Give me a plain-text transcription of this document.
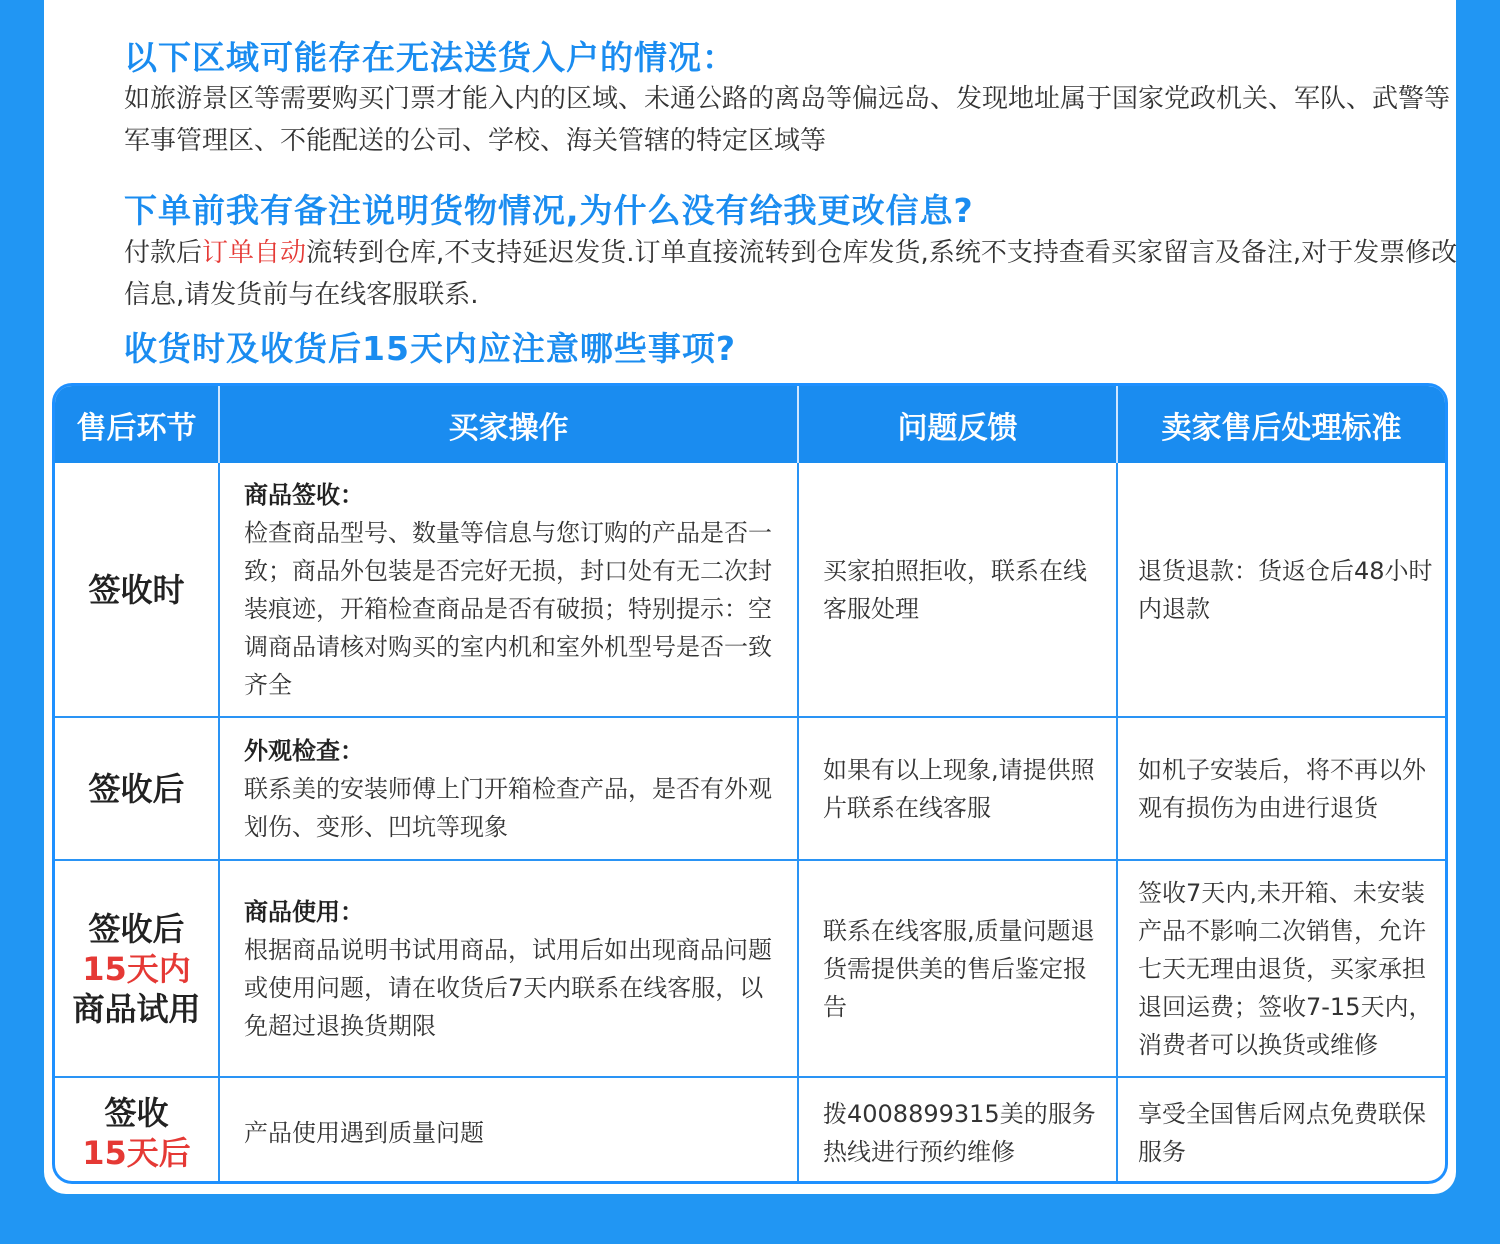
以下区域可能存在无法送货入户的情况：

如旅游景区等需要购买门票才能入内的区域、未通公路的离岛等偏远岛、发现地址属于国家党政机关、军队、武警等军事管理区、不能配送的公司、学校、海关管辖的特定区域等

下单前我有备注说明货物情况,为什么没有给我更改信息?

付款后订单自动流转到仓库,不支持延迟发货.订单直接流转到仓库发货,系统不支持查看买家留言及备注,对于发票修改信息,请发货前与在线客服联系.

收货时及收货后15天内应注意哪些事项?
售后环节	买家操作	问题反馈	卖家售后处理标准

签收时	商品签收：
检查商品型号、数量等信息与您订购的产品是否一致；商品外包装是否完好无损，封口处有无二次封装痕迹，开箱检查商品是否有破损；特别提示：空调商品请核对购买的室内机和室外机型号是否一致齐全	买家拍照拒收，联系在线客服处理	退货退款：货返仓后48小时内退款

签收后	外观检查：
联系美的安装师傅上门开箱检查产品，是否有外观划伤、变形、凹坑等现象	如果有以上现象,请提供照片联系在线客服	如机子安装后，将不再以外观有损伤为由进行退货

签收后
15天内
商品试用	商品使用：
根据商品说明书试用商品，试用后如出现商品问题或使用问题，请在收货后7天内联系在线客服，以免超过退换货期限	联系在线客服,质量问题退货需提供美的售后鉴定报告	签收7天内,未开箱、未安装产品不影响二次销售，允许七天无理由退货，买家承担退回运费；签收7-15天内，消费者可以换货或维修

签收
15天后	产品使用遇到质量问题	拨4008899315美的服务热线进行预约维修	享受全国售后网点免费联保服务
